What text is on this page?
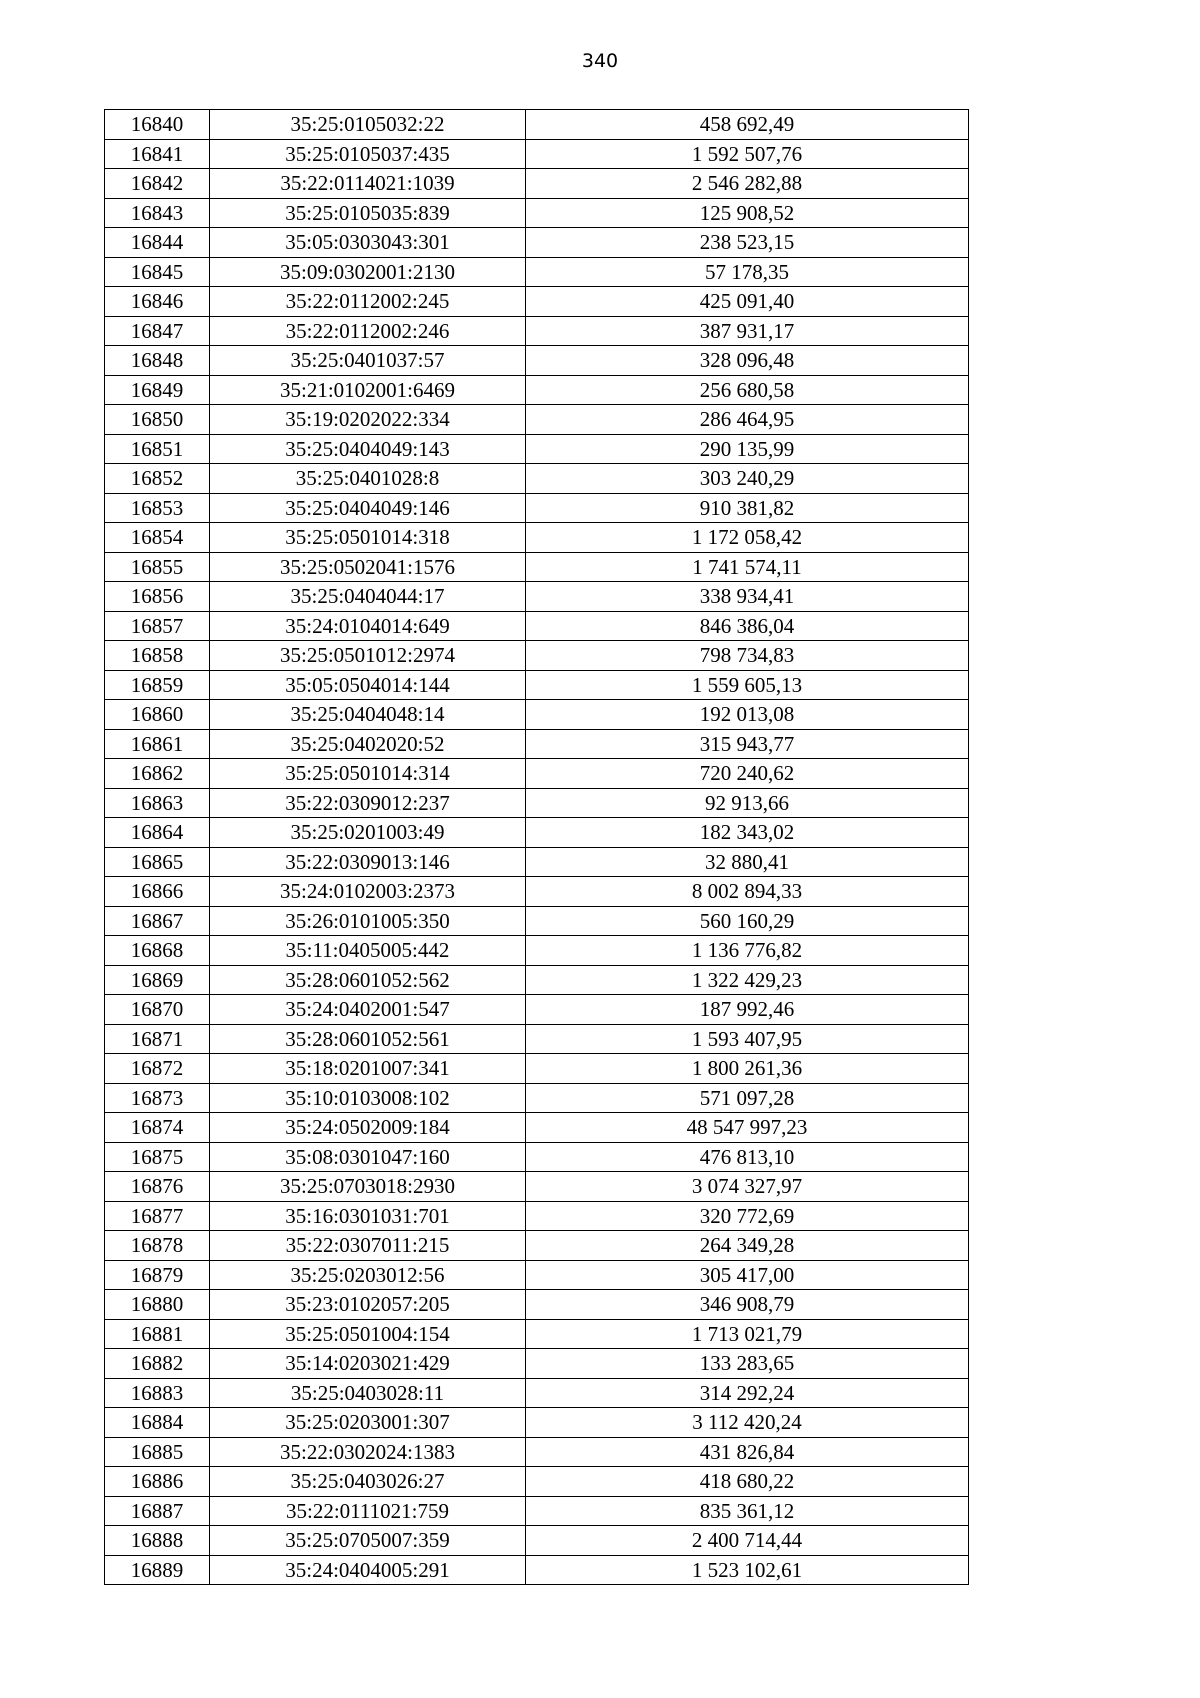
340
16840	35:25:0105032:22	458 692,49
16841	35:25:0105037:435	1 592 507,76
16842	35:22:0114021:1039	2 546 282,88
16843	35:25:0105035:839	125 908,52
16844	35:05:0303043:301	238 523,15
16845	35:09:0302001:2130	57 178,35
16846	35:22:0112002:245	425 091,40
16847	35:22:0112002:246	387 931,17
16848	35:25:0401037:57	328 096,48
16849	35:21:0102001:6469	256 680,58
16850	35:19:0202022:334	286 464,95
16851	35:25:0404049:143	290 135,99
16852	35:25:0401028:8	303 240,29
16853	35:25:0404049:146	910 381,82
16854	35:25:0501014:318	1 172 058,42
16855	35:25:0502041:1576	1 741 574,11
16856	35:25:0404044:17	338 934,41
16857	35:24:0104014:649	846 386,04
16858	35:25:0501012:2974	798 734,83
16859	35:05:0504014:144	1 559 605,13
16860	35:25:0404048:14	192 013,08
16861	35:25:0402020:52	315 943,77
16862	35:25:0501014:314	720 240,62
16863	35:22:0309012:237	92 913,66
16864	35:25:0201003:49	182 343,02
16865	35:22:0309013:146	32 880,41
16866	35:24:0102003:2373	8 002 894,33
16867	35:26:0101005:350	560 160,29
16868	35:11:0405005:442	1 136 776,82
16869	35:28:0601052:562	1 322 429,23
16870	35:24:0402001:547	187 992,46
16871	35:28:0601052:561	1 593 407,95
16872	35:18:0201007:341	1 800 261,36
16873	35:10:0103008:102	571 097,28
16874	35:24:0502009:184	48 547 997,23
16875	35:08:0301047:160	476 813,10
16876	35:25:0703018:2930	3 074 327,97
16877	35:16:0301031:701	320 772,69
16878	35:22:0307011:215	264 349,28
16879	35:25:0203012:56	305 417,00
16880	35:23:0102057:205	346 908,79
16881	35:25:0501004:154	1 713 021,79
16882	35:14:0203021:429	133 283,65
16883	35:25:0403028:11	314 292,24
16884	35:25:0203001:307	3 112 420,24
16885	35:22:0302024:1383	431 826,84
16886	35:25:0403026:27	418 680,22
16887	35:22:0111021:759	835 361,12
16888	35:25:0705007:359	2 400 714,44
16889	35:24:0404005:291	1 523 102,61
